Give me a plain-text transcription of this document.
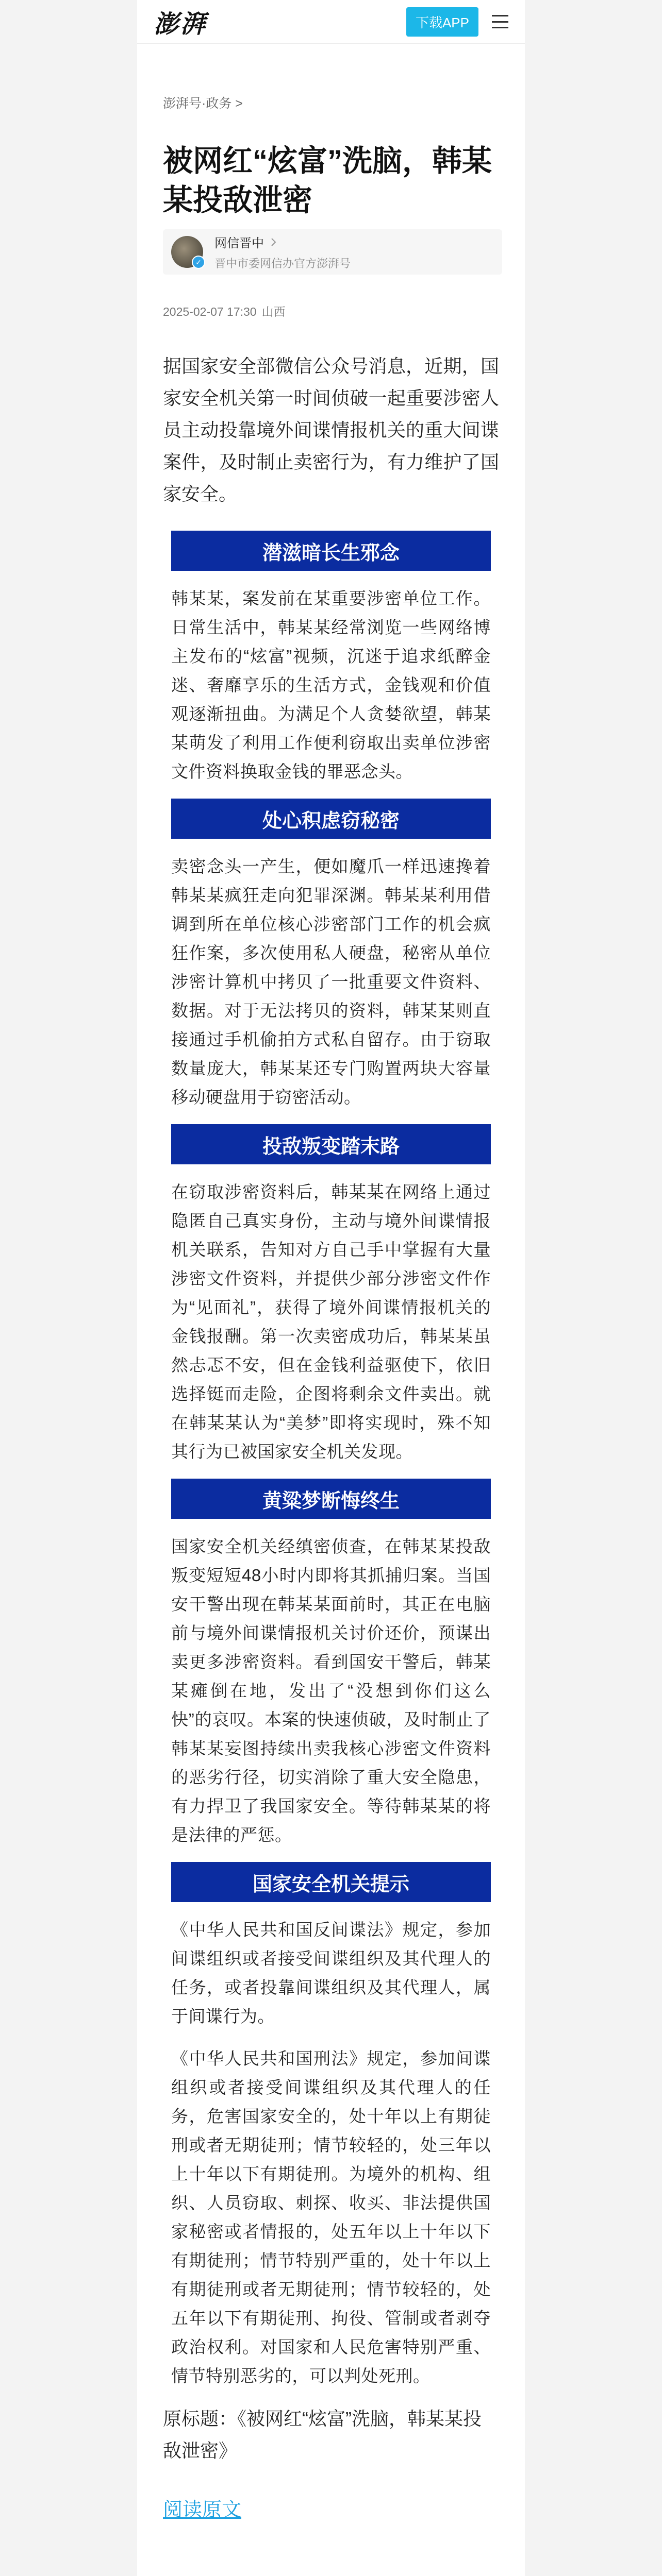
澎湃	下载APP
澎湃号·政务 >
被网红“炫富”洗脑，韩某某投敌泄密
✓
网信晋中
晋中市委网信办官方澎湃号
2025-02-07 17:30 山西
据国家安全部微信公众号消息，近期，国家安全机关第一时间侦破一起重要涉密人员主动投靠境外间谍情报机关的重大间谍案件，及时制止卖密行为，有力维护了国家安全。
潜滋暗长生邪念

韩某某，案发前在某重要涉密单位工作。日常生活中，韩某某经常浏览一些网络博主发布的“炫富”视频，沉迷于追求纸醉金迷、奢靡享乐的生活方式，金钱观和价值观逐渐扭曲。为满足个人贪婪欲望，韩某某萌发了利用工作便利窃取出卖单位涉密文件资料换取金钱的罪恶念头。

处心积虑窃秘密

卖密念头一产生，便如魔爪一样迅速搀着韩某某疯狂走向犯罪深渊。韩某某利用借调到所在单位核心涉密部门工作的机会疯狂作案，多次使用私人硬盘，秘密从单位涉密计算机中拷贝了一批重要文件资料、数据。对于无法拷贝的资料，韩某某则直接通过手机偷拍方式私自留存。由于窃取数量庞大，韩某某还专门购置两块大容量移动硬盘用于窃密活动。

投敌叛变踏末路

在窃取涉密资料后，韩某某在网络上通过隐匿自己真实身份，主动与境外间谍情报机关联系，告知对方自己手中掌握有大量涉密文件资料，并提供少部分涉密文件作为“见面礼”，获得了境外间谍情报机关的金钱报酬。第一次卖密成功后，韩某某虽然忐忑不安，但在金钱利益驱使下，依旧选择铤而走险，企图将剩余文件卖出。就在韩某某认为“美梦”即将实现时，殊不知其行为已被国家安全机关发现。

黄粱梦断悔终生

国家安全机关经缜密侦查，在韩某某投敌叛变短短48小时内即将其抓捕归案。当国安干警出现在韩某某面前时，其正在电脑前与境外间谍情报机关讨价还价，预谋出卖更多涉密资料。看到国安干警后，韩某某瘫倒在地，发出了“没想到你们这么快”的哀叹。本案的快速侦破，及时制止了韩某某妄图持续出卖我核心涉密文件资料的恶劣行径，切实消除了重大安全隐患，有力捍卫了我国家安全。等待韩某某的将是法律的严惩。

国家安全机关提示

《中华人民共和国反间谍法》规定，参加间谍组织或者接受间谍组织及其代理人的任务，或者投靠间谍组织及其代理人，属于间谍行为。

《中华人民共和国刑法》规定，参加间谍组织或者接受间谍组织及其代理人的任务，危害国家安全的，处十年以上有期徒刑或者无期徒刑；情节较轻的，处三年以上十年以下有期徒刑。为境外的机构、组织、人员窃取、刺探、收买、非法提供国家秘密或者情报的，处五年以上十年以下有期徒刑；情节特别严重的，处十年以上有期徒刑或者无期徒刑；情节较轻的，处五年以下有期徒刑、拘役、管制或者剥夺政治权利。对国家和人民危害特别严重、情节特别恶劣的，可以判处死刑。

原标题：《被网红“炫富”洗脑，韩某某投敌泄密》
阅读原文
